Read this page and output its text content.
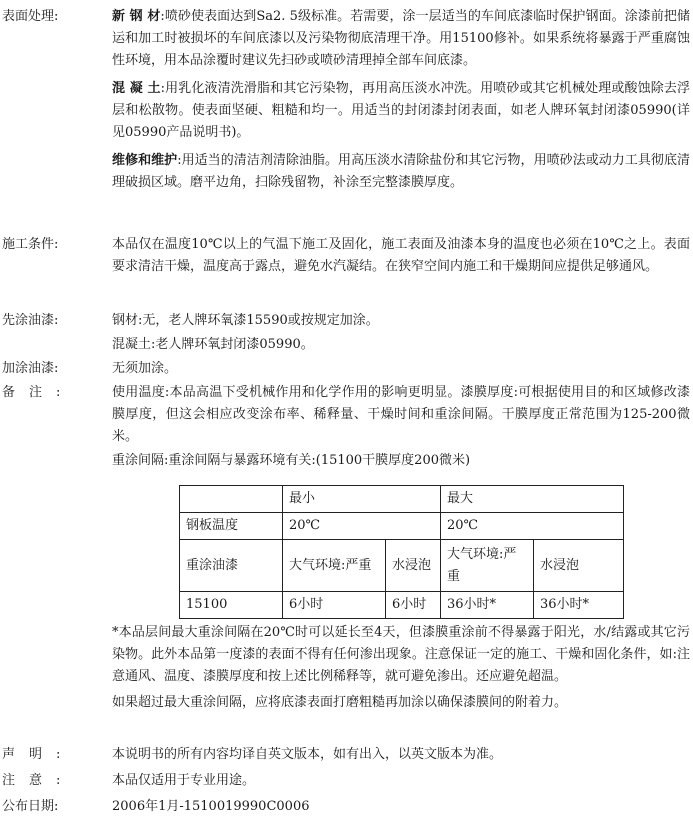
表面处理:	新 钢 材:喷砂使表面达到Sa2. 5级标准。若需要，涂一层适当的车间底漆临时保护钢面。涂漆前把储运和加工时被损坏的车间底漆以及污染物彻底清理干净。用15100修补。如果系统将暴露于严重腐蚀性环境，用本品涂覆时建议先扫砂或喷砂清理掉全部车间底漆。

混 凝 土:用乳化液清洗滑脂和其它污染物，再用高压淡水冲洗。用喷砂或其它机械处理或酸蚀除去浮层和松散物。使表面坚硬、粗糙和均一。用适当的封闭漆封闭表面，如老人牌环氧封闭漆05990(详见05990产品说明书)。

维修和维护:用适当的清洁剂清除油脂。用高压淡水清除盐份和其它污物，用喷砂法或动力工具彻底清理破损区域。磨平边角，扫除残留物，补涂至完整漆膜厚度。

施工条件:	本品仅在温度10℃以上的气温下施工及固化，施工表面及油漆本身的温度也必须在10℃之上。表面要求清洁干燥，温度高于露点，避免水汽凝结。在狭窄空间内施工和干燥期间应提供足够通风。

先涂油漆:	钢材:无，老人牌环氧漆15590或按规定加涂。

混凝土:老人牌环氧封闭漆05990。

加涂油漆:	无须加涂。

备注:	使用温度:本品高温下受机械作用和化学作用的影响更明显。漆膜厚度:可根据使用目的和区域修改漆膜厚度，但这会相应改变涂布率、稀释量、干燥时间和重涂间隔。干膜厚度正常范围为125-200微米。

重涂间隔:重涂间隔与暴露环境有关:(15100干膜厚度200微米)

	最小		最大	
钢板温度	20℃		20℃	
重涂油漆	大气环境:严重	水浸泡	大气环境:严重	水浸泡
15100	6小时	6小时	36小时*	36小时*

*本品层间最大重涂间隔在20℃时可以延长至4天，但漆膜重涂前不得暴露于阳光，水/结露或其它污染物。此外本品第一度漆的表面不得有任何渗出现象。注意保证一定的施工、干燥和固化条件，如:注意通风、温度、漆膜厚度和按上述比例稀释等，就可避免渗出。还应避免超温。

如果超过最大重涂间隔，应将底漆表面打磨粗糙再加涂以确保漆膜间的附着力。

声明:	本说明书的所有内容均译自英文版本，如有出入，以英文版本为准。

注意:	本品仅适用于专业用途。

公布日期:	2006年1月-1510019990C0006
